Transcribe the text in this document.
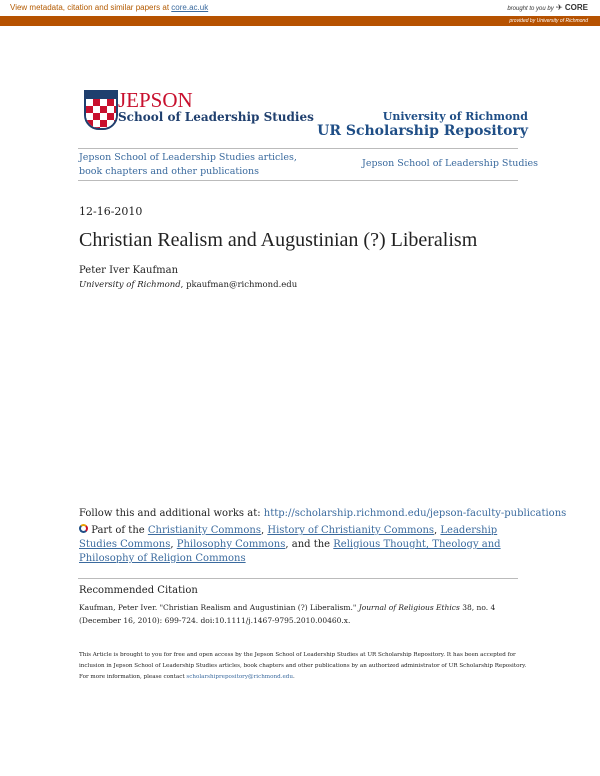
View metadata, citation and similar papers at core.ac.uk	brought to you by ✈ CORE
provided by University of Richmond
JEPSON
School of Leadership Studies	University of Richmond
UR Scholarship Repository
Jepson School of Leadership Studies articles, book chapters and other publications
Jepson School of Leadership Studies
12-16-2010
Christian Realism and Augustinian (?) Liberalism
Peter Iver Kaufman
University of Richmond, pkaufman@richmond.edu
Follow this and additional works at: http://scholarship.richmond.edu/jepson-faculty-publications
Part of the Christianity Commons, History of Christianity Commons, Leadership Studies Commons, Philosophy Commons, and the Religious Thought, Theology and Philosophy of Religion Commons
Recommended Citation
Kaufman, Peter Iver. "Christian Realism and Augustinian (?) Liberalism." Journal of Religious Ethics 38, no. 4 (December 16, 2010): 699-724. doi:10.1111/j.1467-9795.2010.00460.x.
This Article is brought to you for free and open access by the Jepson School of Leadership Studies at UR Scholarship Repository. It has been accepted for inclusion in Jepson School of Leadership Studies articles, book chapters and other publications by an authorized administrator of UR Scholarship Repository. For more information, please contact scholarshiprepository@richmond.edu.
